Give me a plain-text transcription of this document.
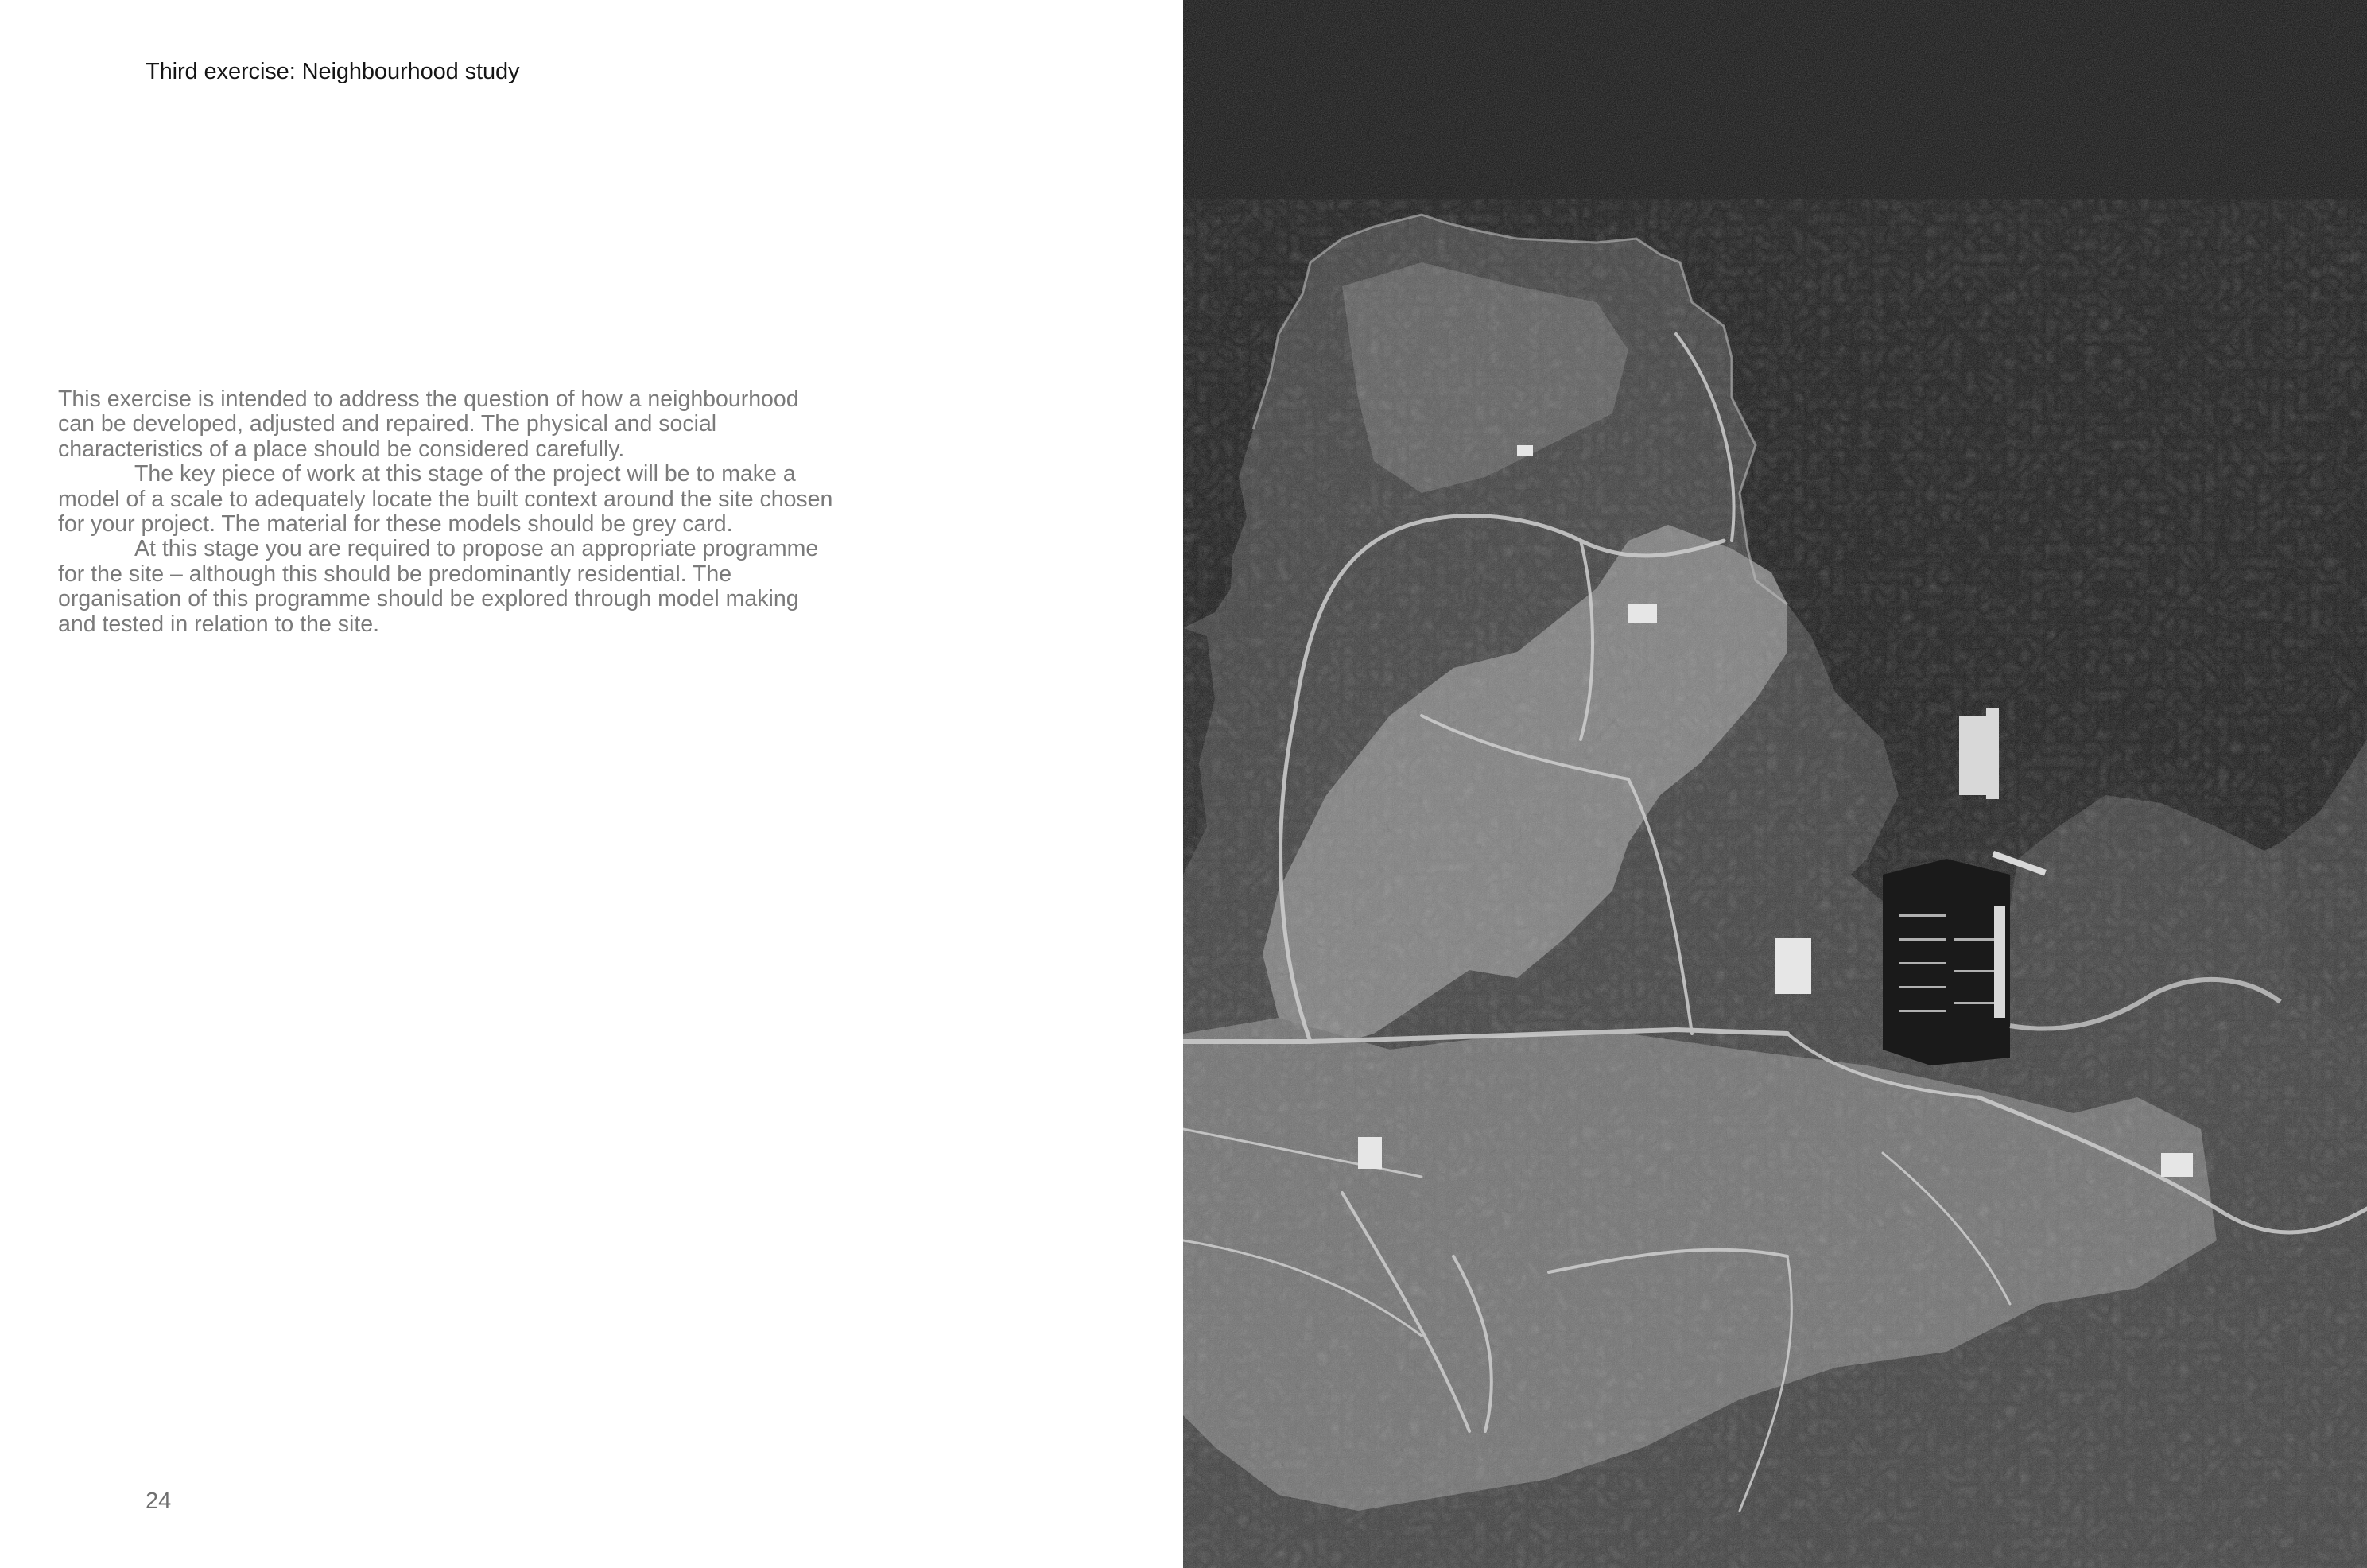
Third exercise: Neighbourhood study

This exercise is intended to address the question of how a neighbourhood can be developed, adjusted and repaired. The physical and social characteristics of a place should be considered carefully.

The key piece of work at this stage of the project will be to make a model of a scale to adequately locate the built context around the site chosen for your project. The material for these models should be grey card.

At this stage you are required to propose an appropriate programme for the site – although this should be predominantly residential. The organisation of this programme should be explored through model making and tested in relation to the site.

24
